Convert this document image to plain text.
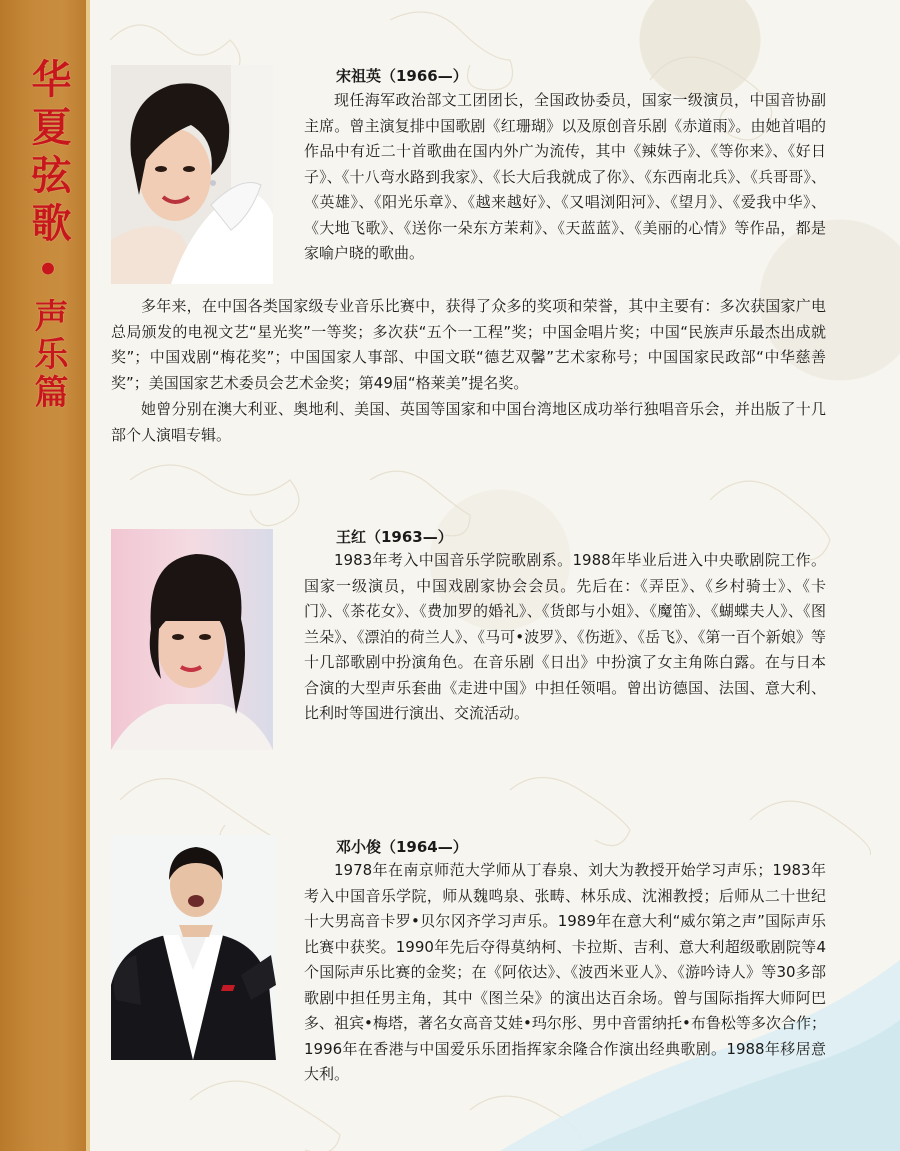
华夏弦歌•声乐篇
宋祖英（1966—）

现任海军政治部文工团团长，全国政协委员，国家一级演员，中国音协副主席。曾主演复排中国歌剧《红珊瑚》以及原创音乐剧《赤道雨》。由她首唱的作品中有近二十首歌曲在国内外广为流传，其中《辣妹子》、《等你来》、《好日子》、《十八弯水路到我家》、《长大后我就成了你》、《东西南北兵》、《兵哥哥》、《英雄》、《阳光乐章》、《越来越好》、《又唱浏阳河》、《望月》、《爱我中华》、《大地飞歌》、《送你一朵东方茉莉》、《天蓝蓝》、《美丽的心情》等作品，都是家喻户晓的歌曲。

多年来，在中国各类国家级专业音乐比赛中，获得了众多的奖项和荣誉，其中主要有：多次获国家广电总局颁发的电视文艺“星光奖”一等奖；多次获“五个一工程”奖；中国金唱片奖；中国“民族声乐最杰出成就奖”；中国戏剧“梅花奖”；中国国家人事部、中国文联“德艺双馨”艺术家称号；中国国家民政部“中华慈善奖”；美国国家艺术委员会艺术金奖；第49届“格莱美”提名奖。

她曾分别在澳大利亚、奥地利、美国、英国等国家和中国台湾地区成功举行独唱音乐会，并出版了十几部个人演唱专辑。

王红（1963—）

1983年考入中国音乐学院歌剧系。1988年毕业后进入中央歌剧院工作。国家一级演员，中国戏剧家协会会员。先后在：《弄臣》、《乡村骑士》、《卡门》、《茶花女》、《费加罗的婚礼》、《货郎与小姐》、《魔笛》、《蝴蝶夫人》、《图兰朵》、《漂泊的荷兰人》、《马可•波罗》、《伤逝》、《岳飞》、《第一百个新娘》等十几部歌剧中扮演角色。在音乐剧《日出》中扮演了女主角陈白露。在与日本合演的大型声乐套曲《走进中国》中担任领唱。曾出访德国、法国、意大利、比利时等国进行演出、交流活动。

邓小俊（1964—）

1978年在南京师范大学师从丁春泉、刘大为教授开始学习声乐；1983年考入中国音乐学院，师从魏鸣泉、张畴、林乐成、沈湘教授；后师从二十世纪十大男高音卡罗•贝尔冈齐学习声乐。1989年在意大利“威尔第之声”国际声乐比赛中获奖。1990年先后夺得莫纳柯、卡拉斯、吉利、意大利超级歌剧院等4个国际声乐比赛的金奖；在《阿依达》、《波西米亚人》、《游吟诗人》等30多部歌剧中担任男主角，其中《图兰朵》的演出达百余场。曾与国际指挥大师阿巴多、祖宾•梅塔，著名女高音艾娃•玛尔彤、男中音雷纳托•布鲁松等多次合作；1996年在香港与中国爱乐乐团指挥家余隆合作演出经典歌剧。1988年移居意大利。
